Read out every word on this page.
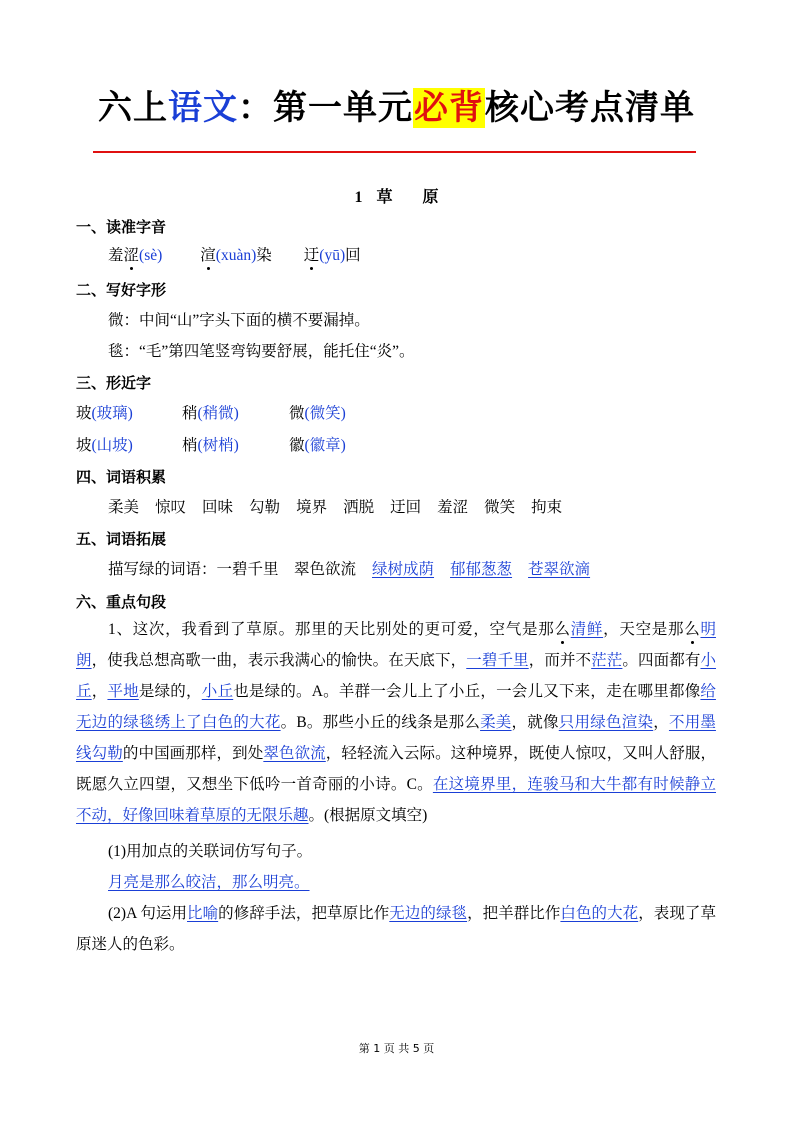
六上语文：第一单元必背核心考点清单
1 草 原
一、读准字音
羞涩(sè) 渲(xuàn)染 迂(yū)回
二、写好字形
微：中间“山”字头下面的横不要漏掉。
毯：“毛”第四笔竖弯钩要舒展，能托住“炎”。
三、形近字
玻(玻璃)	稍(稍微)	微(微笑)
坡(山坡)	梢(树梢)	徽(徽章)
四、词语积累
柔美 惊叹 回味 勾勒 境界 洒脱 迂回 羞涩 微笑 拘束
五、词语拓展
描写绿的词语：一碧千里　翠色欲流 绿树成荫 郁郁葱葱 苍翠欲滴
六、重点句段
1、这次，我看到了草原。那里的天比别处的更可爱，空气是那么清鲜，天空是那么明朗，使我总想高歌一曲，表示我满心的愉快。在天底下，一碧千里，而并不茫茫。四面都有小丘，平地是绿的，小丘也是绿的。A。羊群一会儿上了小丘，一会儿又下来，走在哪里都像给无边的绿毯绣上了白色的大花。B。那些小丘的线条是那么柔美，就像只用绿色渲染，不用墨线勾勒的中国画那样，到处翠色欲流，轻轻流入云际。这种境界，既使人惊叹，又叫人舒服，既愿久立四望，又想坐下低吟一首奇丽的小诗。C。在这境界里，连骏马和大牛都有时候静立不动，好像回味着草原的无限乐趣。(根据原文填空)
(1)用加点的关联词仿写句子。
月亮是那么皎洁，那么明亮。
(2)A 句运用比喻的修辞手法，把草原比作无边的绿毯，把羊群比作白色的大花，表现了草原迷人的色彩。
第 1 页 共 5 页
